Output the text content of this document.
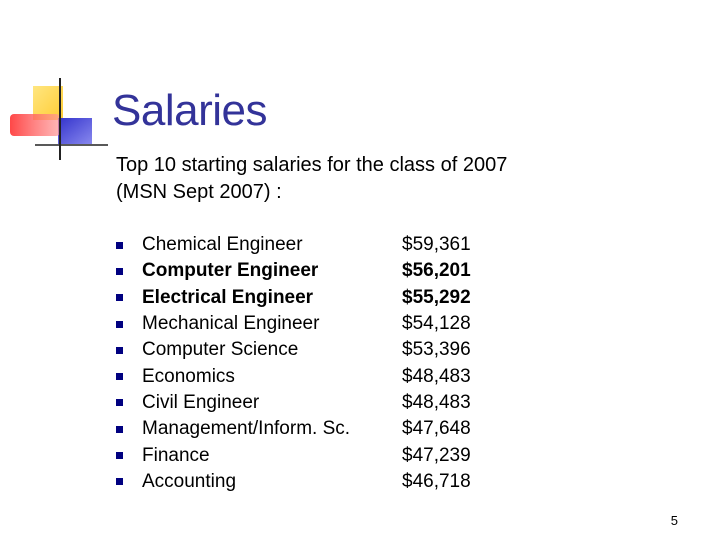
Salaries
Top 10 starting salaries for the class of 2007
(MSN Sept 2007) :
Chemical Engineer	$59,361
Computer Engineer	$56,201
Electrical Engineer	$55,292
Mechanical Engineer	$54,128
Computer Science	$53,396
Economics	$48,483
Civil Engineer	$48,483
Management/Inform. Sc.	$47,648
Finance	$47,239
Accounting	$46,718
5
